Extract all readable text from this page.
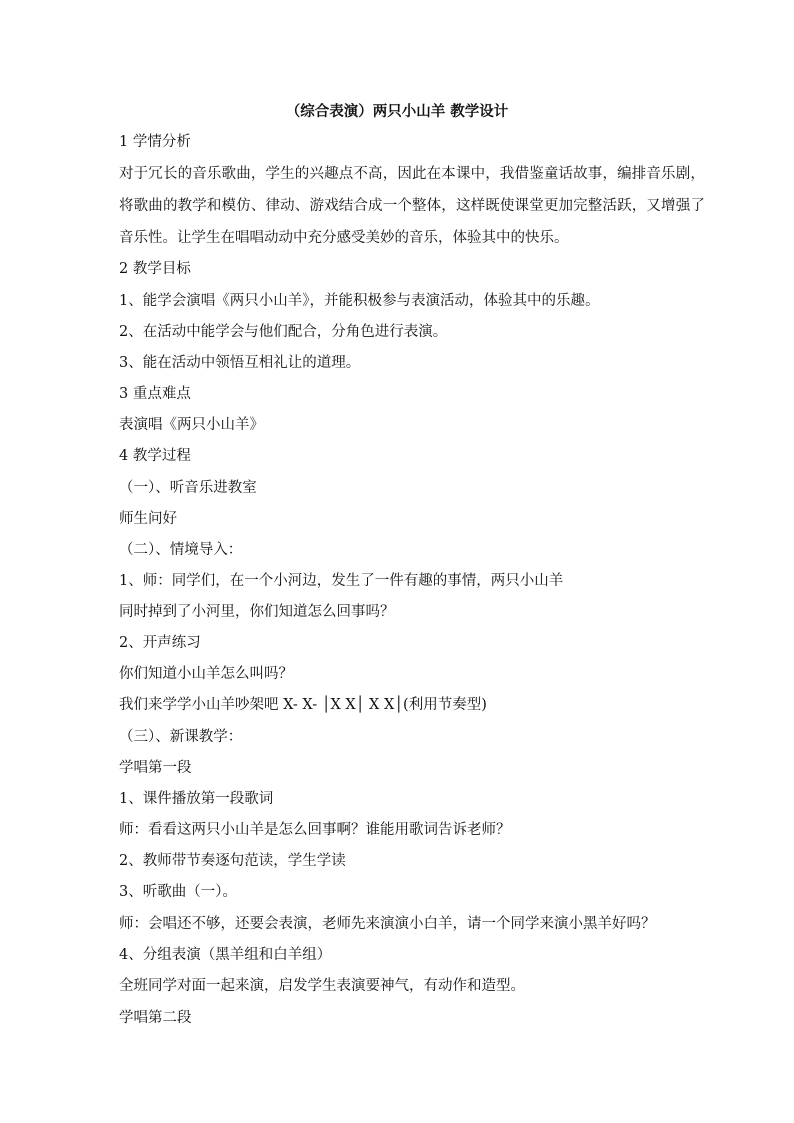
（综合表演）两只小山羊 教学设计
1 学情分析
对于冗长的音乐歌曲，学生的兴趣点不高，因此在本课中，我借鉴童话故事，编排音乐剧，
将歌曲的教学和模仿、律动、游戏结合成一个整体，这样既使课堂更加完整活跃，又增强了
音乐性。让学生在唱唱动动中充分感受美妙的音乐，体验其中的快乐。
2 教学目标
1、能学会演唱《两只小山羊》，并能积极参与表演活动，体验其中的乐趣。
2、在活动中能学会与他们配合，分角色进行表演。
3、能在活动中领悟互相礼让的道理。
3 重点难点
表演唱《两只小山羊》
4 教学过程
（一）、听音乐进教室
师生问好
（二）、情境导入：
1、师：同学们，在一个小河边，发生了一件有趣的事情，两只小山羊
同时掉到了小河里，你们知道怎么回事吗？
2、开声练习
你们知道小山羊怎么叫吗？
我们来学学小山羊吵架吧 X- X- │X X│ X X│(利用节奏型)
（三）、新课教学：
学唱第一段
1、课件播放第一段歌词
师：看看这两只小山羊是怎么回事啊？谁能用歌词告诉老师？
2、教师带节奏逐句范读，学生学读
3、听歌曲（一）。
师：会唱还不够，还要会表演，老师先来演演小白羊，请一个同学来演小黑羊好吗？
4、分组表演（黑羊组和白羊组）
全班同学对面一起来演，启发学生表演要神气，有动作和造型。
学唱第二段
